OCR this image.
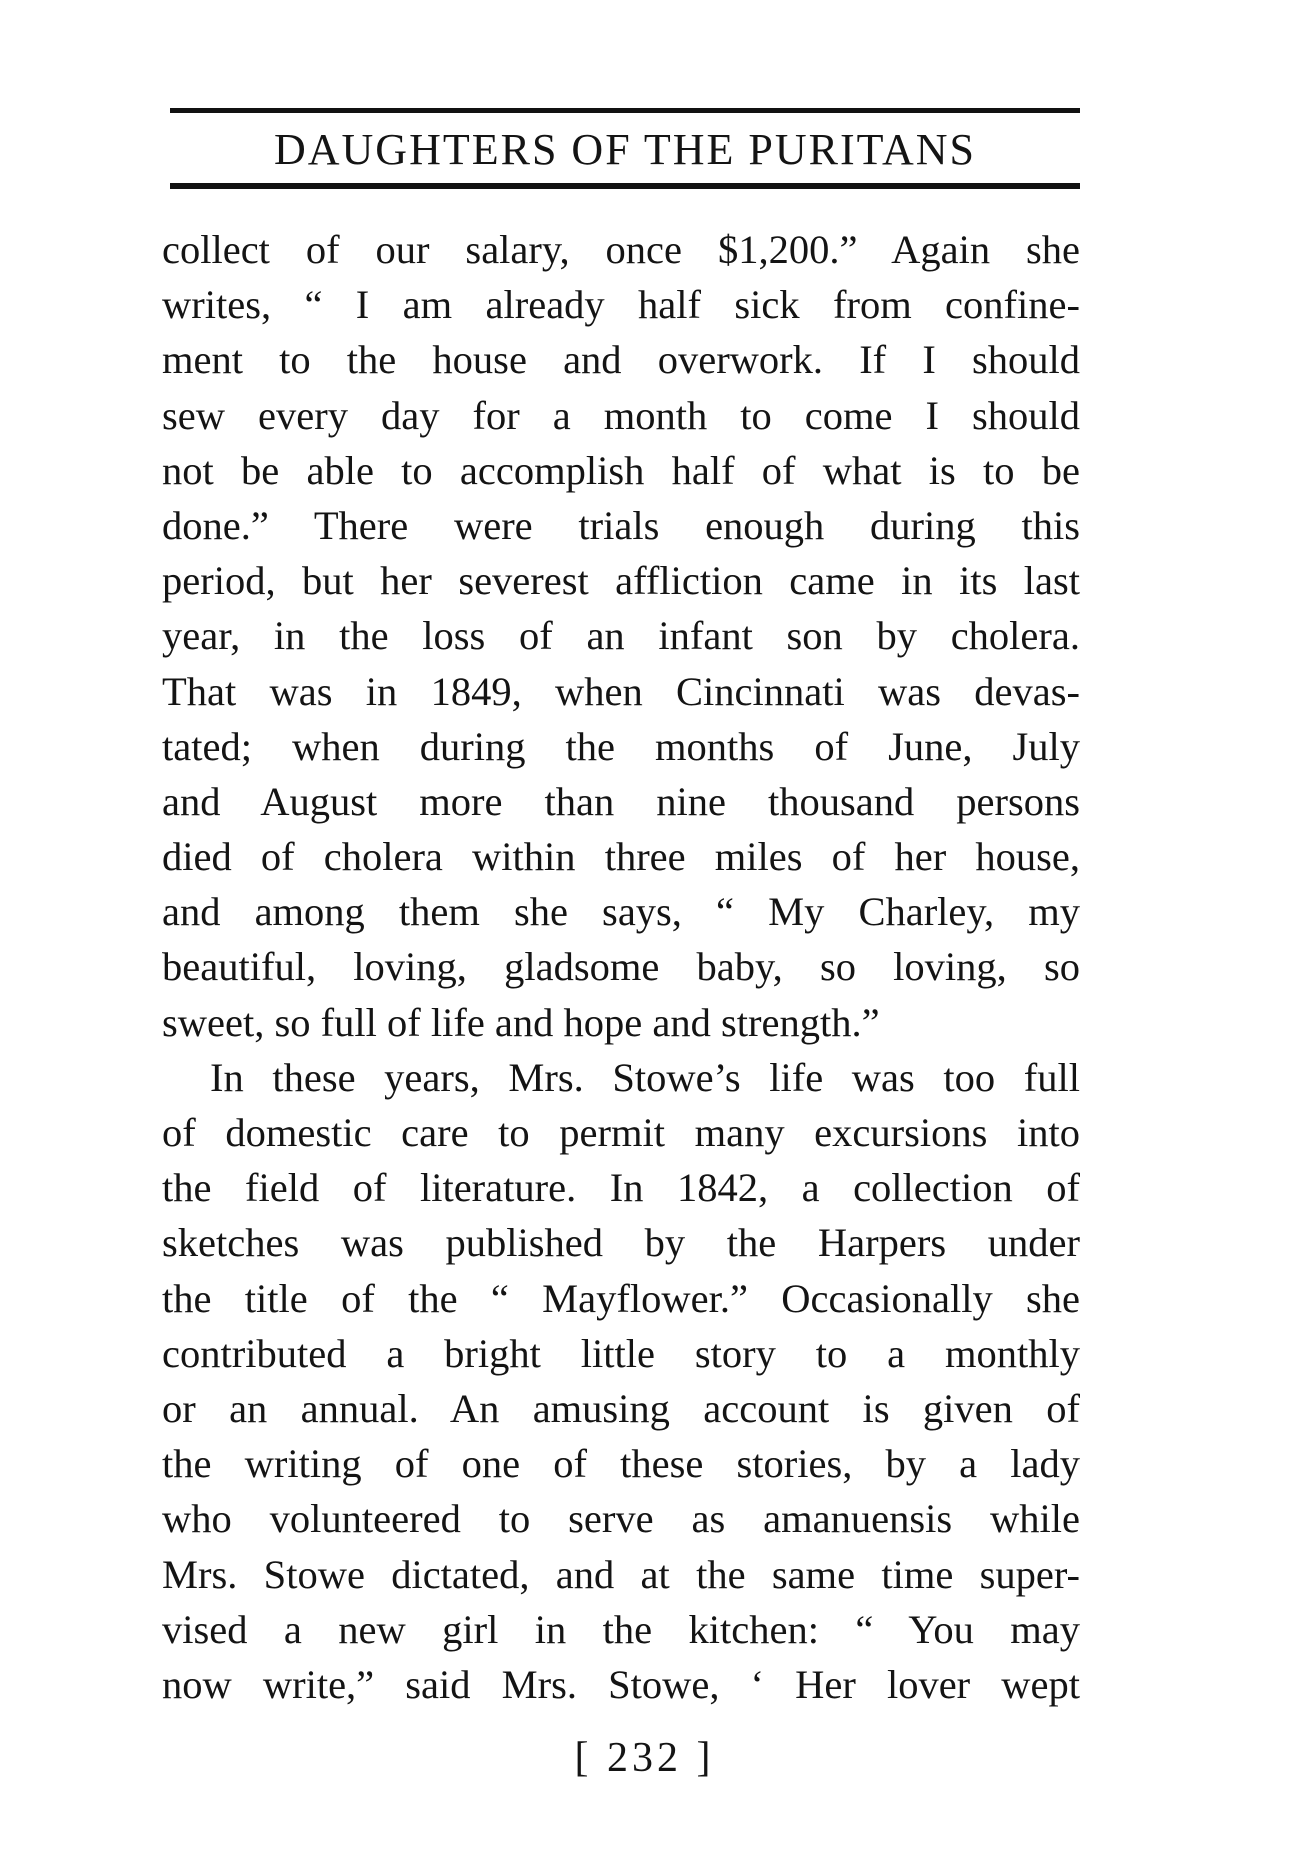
DAUGHTERS OF THE PURITANS
collect of our salary, once $1,200.” Again she
writes, “ I am already half sick from confine-
ment to the house and overwork. If I should
sew every day for a month to come I should
not be able to accomplish half of what is to be
done.” There were trials enough during this
period, but her severest affliction came in its last
year, in the loss of an infant son by cholera.
That was in 1849, when Cincinnati was devas-
tated; when during the months of June, July
and August more than nine thousand persons
died of cholera within three miles of her house,
and among them she says, “ My Charley, my
beautiful, loving, gladsome baby, so loving, so
sweet, so full of life and hope and strength.”
In these years, Mrs. Stowe’s life was too full
of domestic care to permit many excursions into
the field of literature. In 1842, a collection of
sketches was published by the Harpers under
the title of the “ Mayflower.” Occasionally she
contributed a bright little story to a monthly
or an annual. An amusing account is given of
the writing of one of these stories, by a lady
who volunteered to serve as amanuensis while
Mrs. Stowe dictated, and at the same time super-
vised a new girl in the kitchen: “ You may
now write,” said Mrs. Stowe, ‘ Her lover wept
[ 232 ]
